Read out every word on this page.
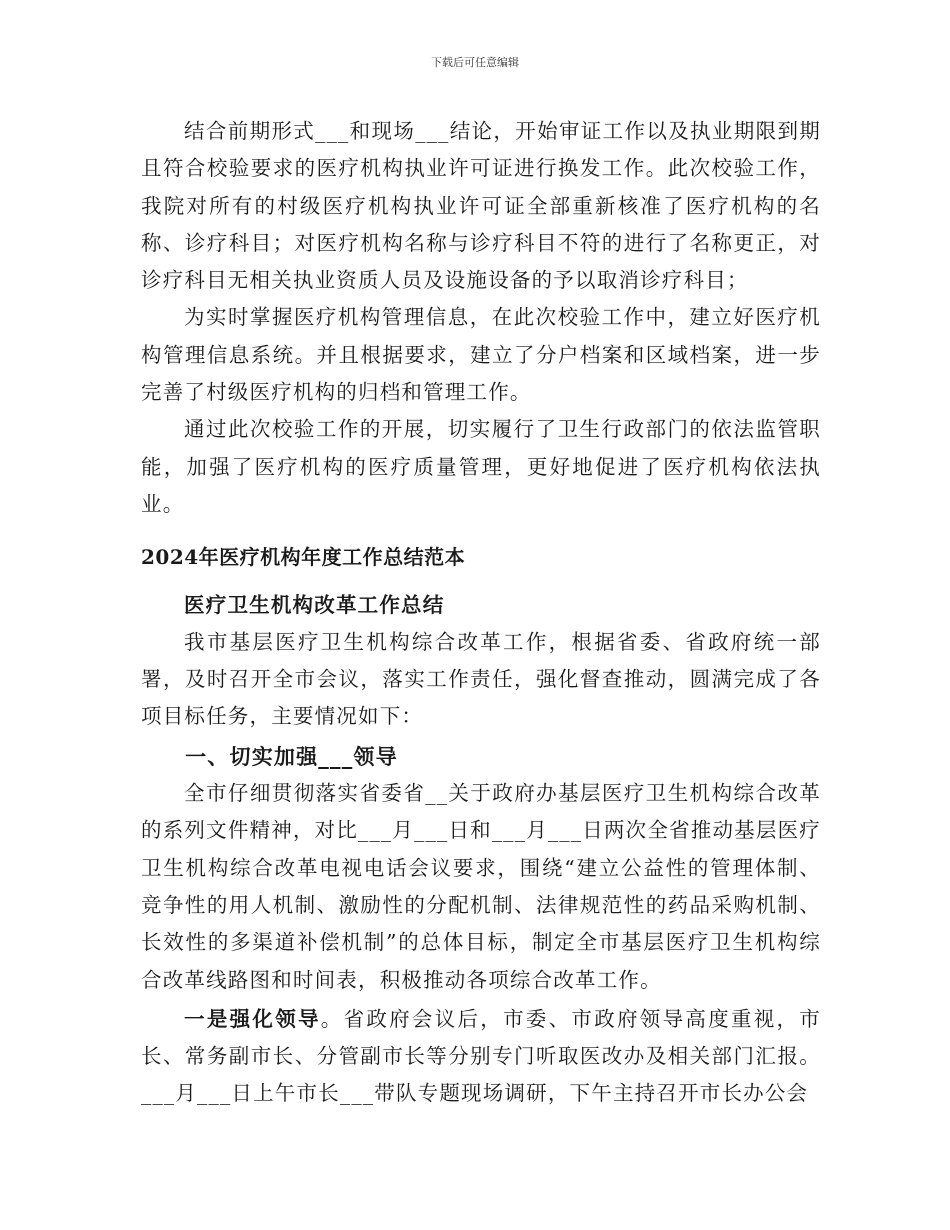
下载后可任意编辑

结合前期形式___和现场___结论，开始审证工作以及执业期限到期且符合校验要求的医疗机构执业许可证进行换发工作。此次校验工作，我院对所有的村级医疗机构执业许可证全部重新核准了医疗机构的名称、诊疗科目；对医疗机构名称与诊疗科目不符的进行了名称更正，对诊疗科目无相关执业资质人员及设施设备的予以取消诊疗科目；

为实时掌握医疗机构管理信息，在此次校验工作中，建立好医疗机构管理信息系统。并且根据要求，建立了分户档案和区域档案，进一步完善了村级医疗机构的归档和管理工作。

通过此次校验工作的开展，切实履行了卫生行政部门的依法监管职能，加强了医疗机构的医疗质量管理，更好地促进了医疗机构依法执业。

2024年医疗机构年度工作总结范本

医疗卫生机构改革工作总结

我市基层医疗卫生机构综合改革工作，根据省委、省政府统一部署，及时召开全市会议，落实工作责任，强化督查推动，圆满完成了各项目标任务，主要情况如下：

一、切实加强___领导

全市仔细贯彻落实省委省__关于政府办基层医疗卫生机构综合改革的系列文件精神，对比___月___日和___月___日两次全省推动基层医疗卫生机构综合改革电视电话会议要求，围绕“建立公益性的管理体制、竞争性的用人机制、激励性的分配机制、法律规范性的药品采购机制、长效性的多渠道补偿机制”的总体目标，制定全市基层医疗卫生机构综合改革线路图和时间表，积极推动各项综合改革工作。

一是强化领导。省政府会议后，市委、市政府领导高度重视，市长、常务副市长、分管副市长等分别专门听取医改办及相关部门汇报。___月___日上午市长___带队专题现场调研，下午主持召开市长办公会
